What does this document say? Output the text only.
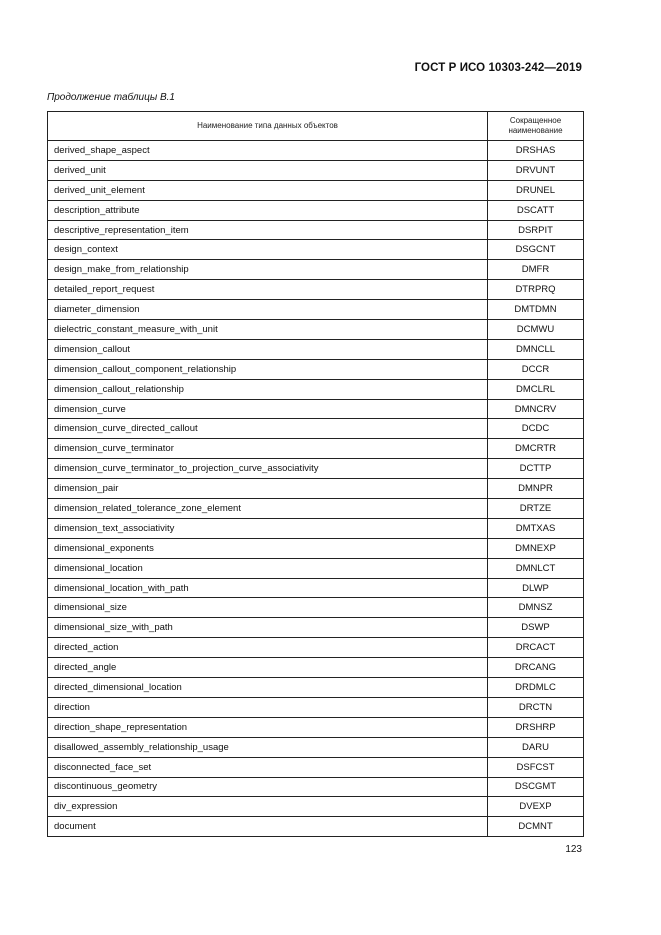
ГОСТ Р ИСО 10303-242—2019
Продолжение таблицы В.1
Наименование типа данных объектов	Сокращенное наименование
derived_shape_aspect	DRSHAS
derived_unit	DRVUNT
derived_unit_element	DRUNEL
description_attribute	DSCATT
descriptive_representation_item	DSRPIT
design_context	DSGCNT
design_make_from_relationship	DMFR
detailed_report_request	DTRPRQ
diameter_dimension	DMTDMN
dielectric_constant_measure_with_unit	DCMWU
dimension_callout	DMNCLL
dimension_callout_component_relationship	DCCR
dimension_callout_relationship	DMCLRL
dimension_curve	DMNCRV
dimension_curve_directed_callout	DCDC
dimension_curve_terminator	DMCRTR
dimension_curve_terminator_to_projection_curve_associativity	DCTTP
dimension_pair	DMNPR
dimension_related_tolerance_zone_element	DRTZE
dimension_text_associativity	DMTXAS
dimensional_exponents	DMNEXP
dimensional_location	DMNLCT
dimensional_location_with_path	DLWP
dimensional_size	DMNSZ
dimensional_size_with_path	DSWP
directed_action	DRCACT
directed_angle	DRCANG
directed_dimensional_location	DRDMLC
direction	DRCTN
direction_shape_representation	DRSHRP
disallowed_assembly_relationship_usage	DARU
disconnected_face_set	DSFCST
discontinuous_geometry	DSCGMT
div_expression	DVEXP
document	DCMNT
123
